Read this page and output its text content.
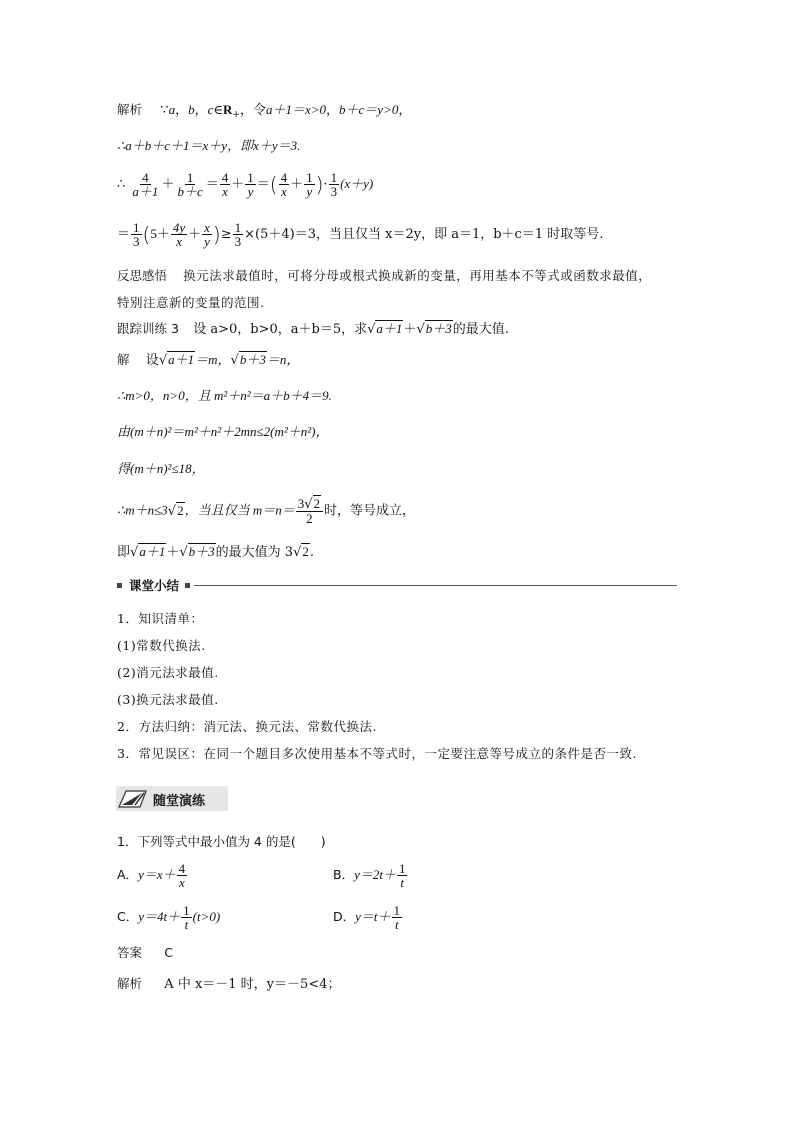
解析 ∵a，b，$c\in R_+$，令a＋1＝x>0，b＋c＝y>0，
∴a＋b＋c＋1＝x＋y，即x＋y＝3.
∴ $\frac{4}{a+1} + \frac{1}{b+c} = \frac{4}{x} + \frac{1}{y}$ ＝( $\frac{4}{x} + \frac{1}{y}$ )· $\frac{1}{3} (x+y)$
＝ $\frac{1}{3} (5+ \frac{4y}{x} + \frac{x}{y}$ )≥ $\frac{1}{3} \times(5+4)=3$，当且仅当 x＝2y，即 a＝1，b＋c＝1 时取等号.
反思感悟 换元法求最值时，可将分母或根式换成新的变量，再用基本不等式或函数求最值，
特别注意新的变量的范围.
跟踪训练 3 设 a>0，b>0，a＋b＝5，求√a＋1＋√b＋3的最大值.
解 设√a＋1＝m，√b＋3＝n，
∴m>0，n>0，且 m²＋n²＝a＋b＋4＝9.
由(m＋n)²＝m²＋n²＋2mn≤2(m²＋n²)，
得(m＋n)²≤18，
∴m＋n≤3√2，当且仅当 $m=n= \frac{3√2}{2}$ 时，等号成立，
即√a＋1＋√b＋3的最大值为 3√2.
课堂小结
1．知识清单：
(1)常数代换法.
(2)消元法求最值.
(3)换元法求最值.
2．方法归纳：消元法、换元法、常数代换法.
3．常见误区：在同一个题目多次使用基本不等式时，一定要注意等号成立的条件是否一致.
随堂演练
1．下列等式中最小值为 4 的是(　　)
A．$y=x+ \frac{4}{x}$	B．$y=2t+ \frac{1}{t}$
C．$y=4t+ \frac{1}{t} (t>0)$	D．$y=t+ \frac{1}{t}$
答案 C
解析 A 中 x＝－1 时，y＝－5<4；
